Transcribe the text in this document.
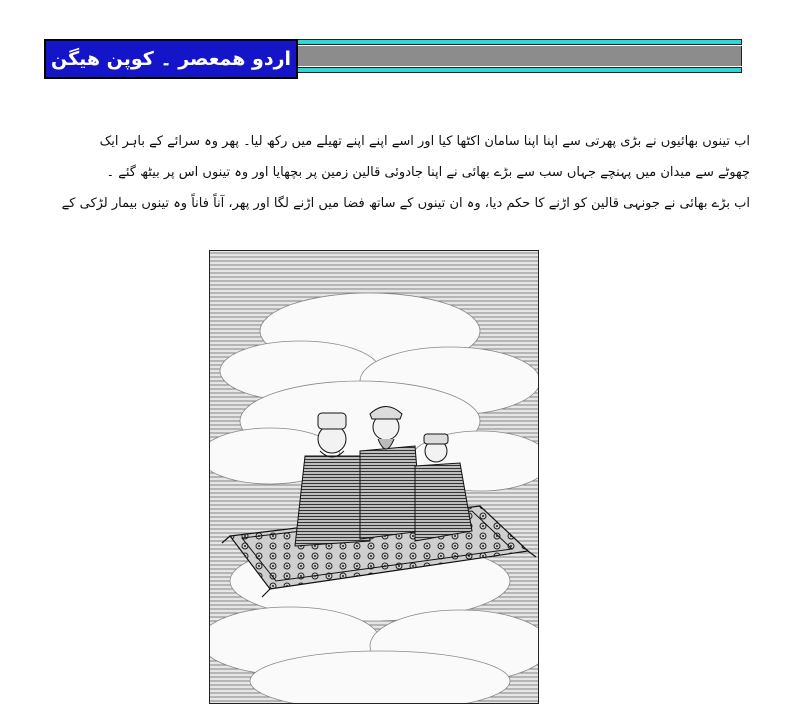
اردو ھمعصر ۔ کوپن ھیگن
اب تینوں بھائیوں نے بڑی پھرتی سے اپنا اپنا سامان اکٹھا کیا اور اسے اپنے اپنے تھیلے میں رکھ لیا۔ پھر وہ سرائے کے باہر ایک
چھوٹے سے میدان میں پہنچے جہاں سب سے بڑے بھائی نے اپنا جادوئی قالین زمین پر بچھایا اور وہ تینوں اس پر بیٹھ گئے ۔
اب بڑے بھائی نے جونہی قالین کو اڑنے کا حکم دیا، وہ ان تینوں کے ساتھ فضا میں اڑنے لگا اور پھر، آناً فاناً وہ تینوں بیمار لڑکی کے
